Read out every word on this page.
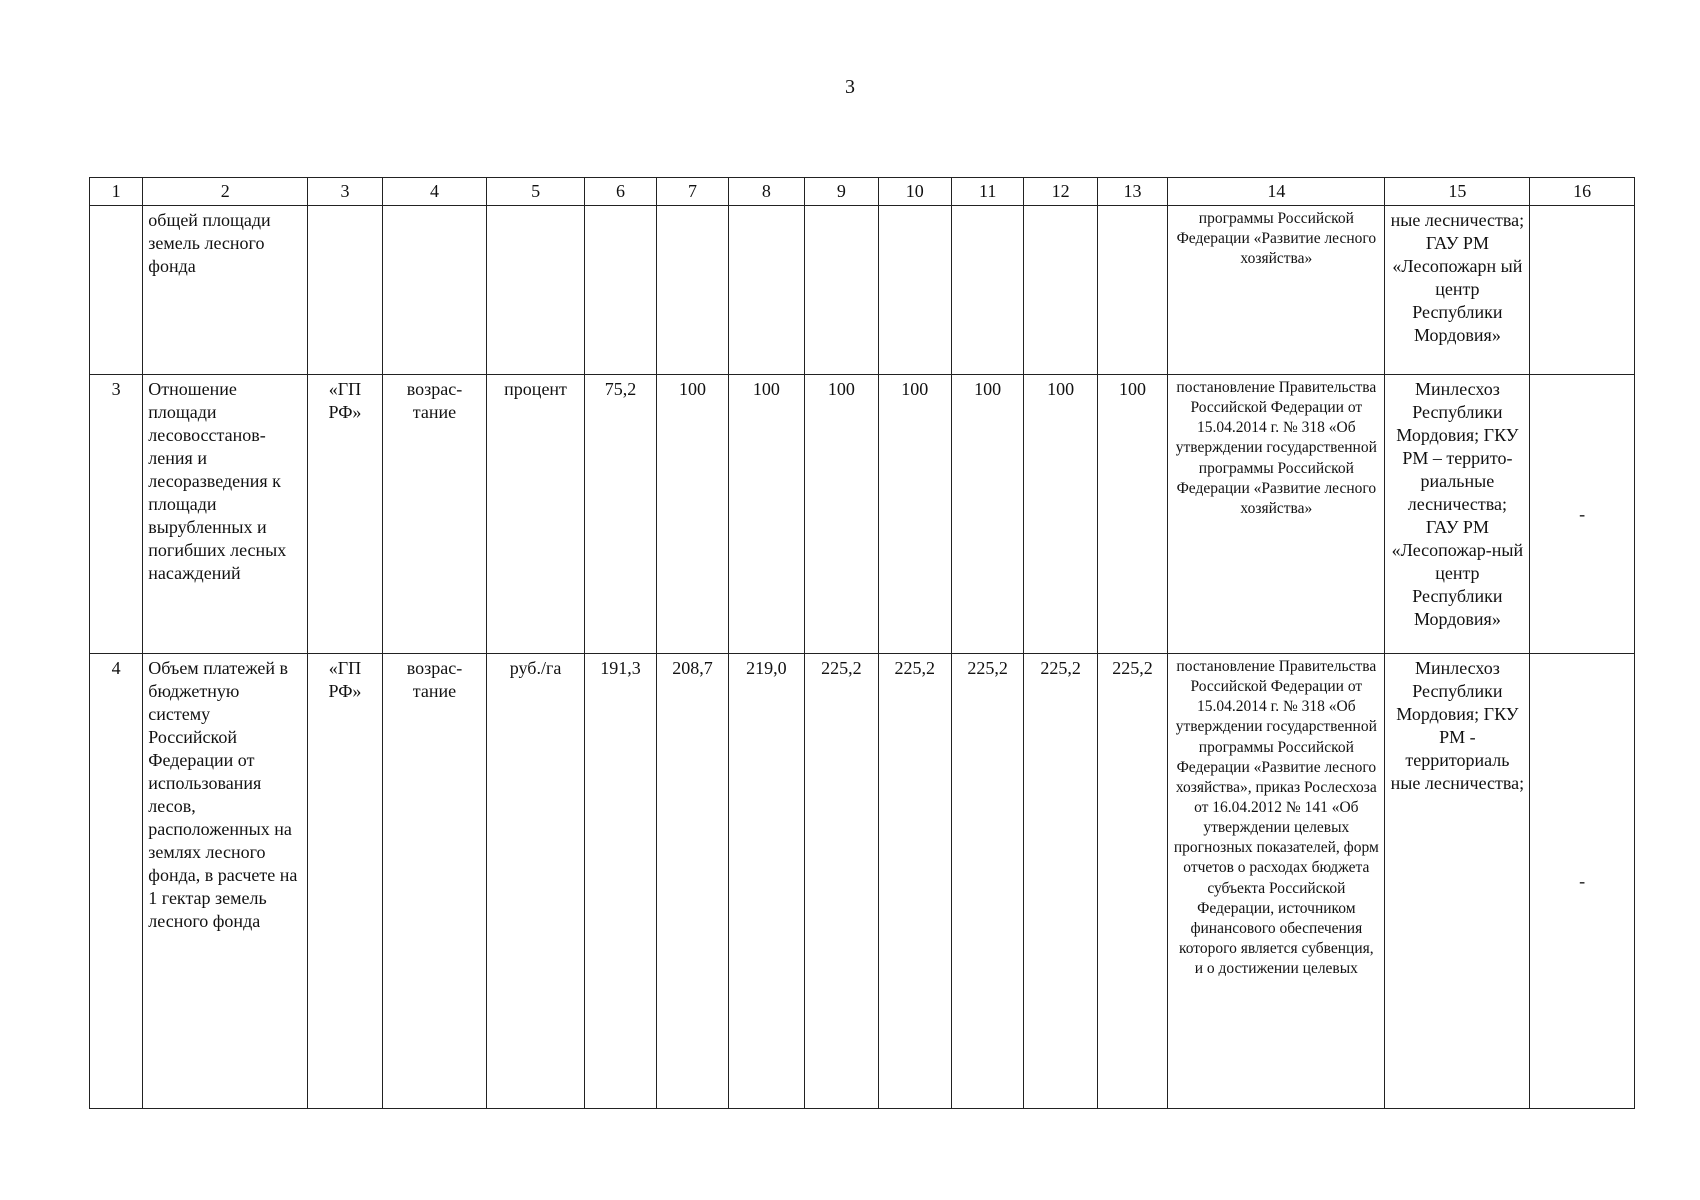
3
1	2	3	4	5	6	7	8	9	10	11	12	13	14	15	16
	общей площади земель лесного фонда												программы Российской Федерации «Развитие лесного хозяйства»	ные лесничества; ГАУ РМ «Лесопожарн ый центр Республики Мордовия»	
3	Отношение площади лесовосстанов-ления и лесоразведения к площади вырубленных и погибших лесных насаждений	«ГП РФ»	возрас-тание	процент	75,2	100	100	100	100	100	100	100	постановление Правительства Российской Федерации от 15.04.2014 г. № 318 «Об утверждении государственной программы Российской Федерации «Развитие лесного хозяйства»	Минлесхоз Республики Мордовия; ГКУ РМ – террито-риальные лесничества; ГАУ РМ «Лесопожар-ный центр Республики Мордовия»	-
4	Объем платежей в бюджетную систему Российской Федерации от использования лесов, расположенных на землях лесного фонда, в расчете на 1 гектар земель лесного фонда	«ГП РФ»	возрас-тание	руб./га	191,3	208,7	219,0	225,2	225,2	225,2	225,2	225,2	постановление Правительства Российской Федерации от 15.04.2014 г. № 318 «Об утверждении государственной программы Российской Федерации «Развитие лесного хозяйства», приказ Рослесхоза от 16.04.2012 № 141 «Об утверждении целевых прогнозных показателей, форм отчетов о расходах бюджета субъекта Российской Федерации, источником финансового обеспечения которого является субвенция, и о достижении целевых	Минлесхоз Республики Мордовия; ГКУ РМ - территориаль ные лесничества;	-
